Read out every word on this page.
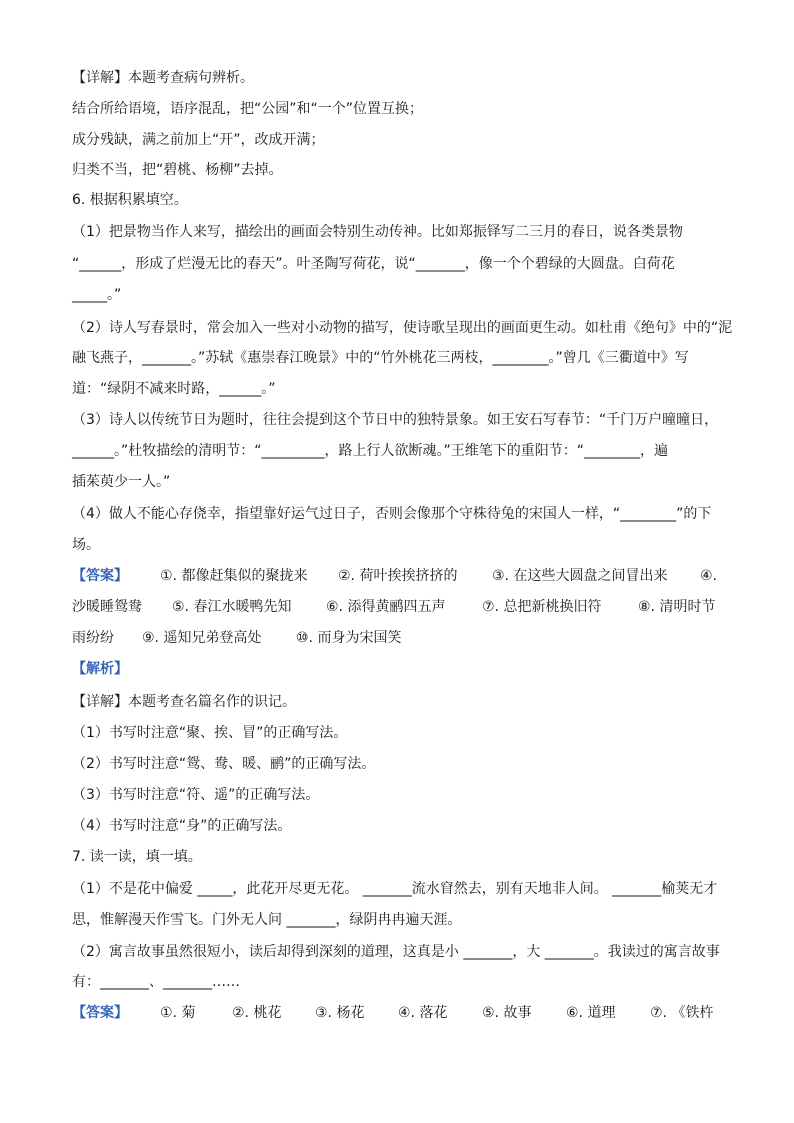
【详解】本题考查病句辨析。
结合所给语境，语序混乱，把“公园”和“一个”位置互换；
成分残缺，满之前加上“开”，改成开满；
归类不当，把“碧桃、杨柳”去掉。
6. 根据积累填空。
（1）把景物当作人来写，描绘出的画面会特别生动传神。比如郑振铎写二三月的春日，说各类景物
“______，形成了烂漫无比的春天”。叶圣陶写荷花，说“_______，像一个个碧绿的大圆盘。白荷花
_____。”
（2）诗人写春景时，常会加入一些对小动物的描写，使诗歌呈现出的画面更生动。如杜甫《绝句》中的“泥
融飞燕子，_______。”苏轼《惠崇春江晚景》中的“竹外桃花三两枝，________。”曾几《三衢道中》写
道：“绿阴不减来时路，______。”
（3）诗人以传统节日为题时，往往会提到这个节日中的独特景象。如王安石写春节：“千门万户曈曈日，
______。”杜牧描绘的清明节：“_________，路上行人欲断魂。”王维笔下的重阳节：“________，遍
插茱萸少一人。”
（4）做人不能心存侥幸，指望靠好运气过日子，否则会像那个守株待兔的宋国人一样，“________”的下
场。
【答案】 ①. 都像赶集似的聚拢来 ②. 荷叶挨挨挤挤的 ③. 在这些大圆盘之间冒出来 ④.
沙暖睡鸳鸯 ⑤. 春江水暖鸭先知 ⑥. 添得黄鹂四五声	⑦. 总把新桃换旧符	⑧. 清明时节
雨纷纷 ⑨. 遥知兄弟登高处 ⑩. 而身为宋国笑
【解析】
【详解】本题考查名篇名作的识记。
（1）书写时注意“聚、挨、冒”的正确写法。
（2）书写时注意“鸳、鸯、暖、鹂”的正确写法。
（3）书写时注意“符、遥”的正确写法。
（4）书写时注意“身”的正确写法。
7. 读一读，填一填。
（1）不是花中偏爱 _____，此花开尽更无花。 _______流水窅然去，别有天地非人间。 _______榆荚无才
思，惟解漫天作雪飞。门外无人问 _______，绿阴冉冉遍天涯。
（2）寓言故事虽然很短小，读后却得到深刻的道理，这真是小 _______，大 _______。我读过的寓言故事
有：_______、_______……
【答案】 ①. 菊	②. 桃花 ③. 杨花 ④. 落花 ⑤. 故事 ⑥. 道理 ⑦. 《铁杵
